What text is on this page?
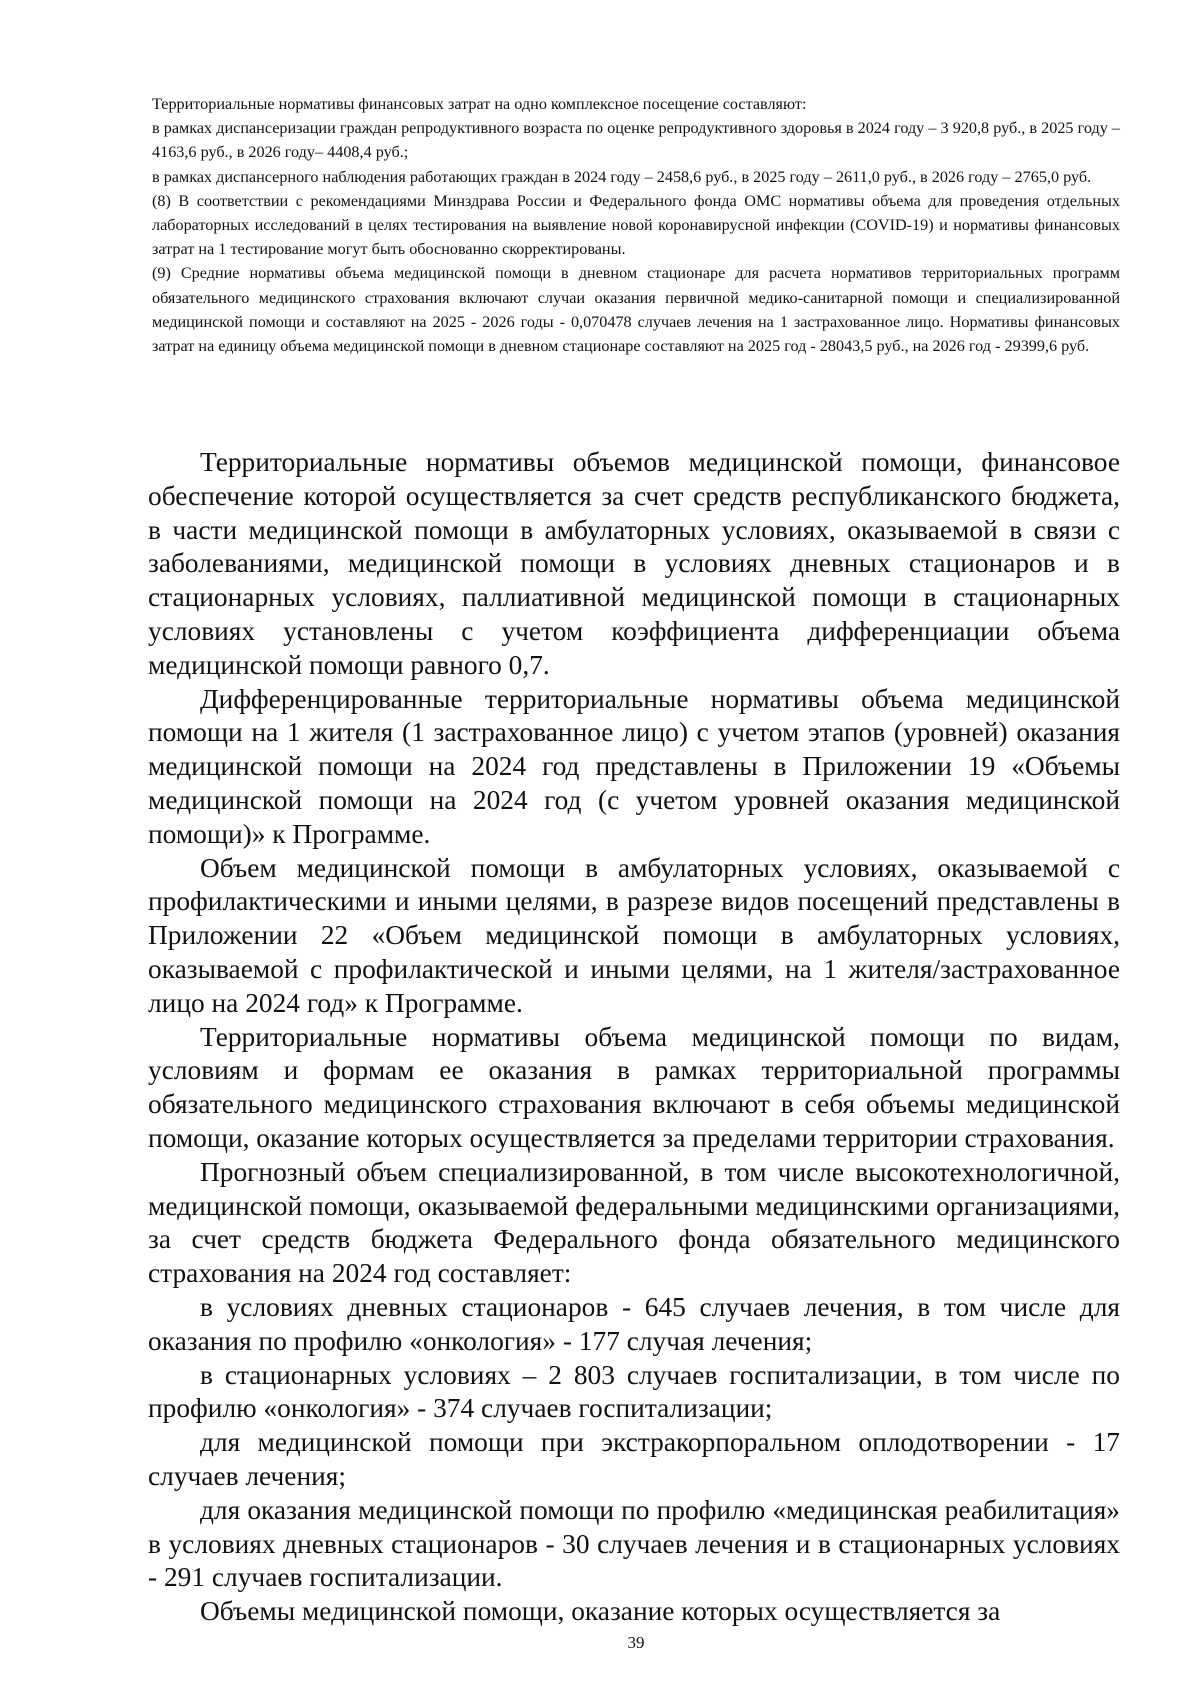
Территориальные нормативы финансовых затрат на одно комплексное посещение составляют:

в рамках диспансеризации граждан репродуктивного возраста по оценке репродуктивного здоровья в 2024 году – 3 920,8 руб., в 2025 году – 4163,6 руб., в 2026 году– 4408,4 руб.;

в рамках диспансерного наблюдения работающих граждан в 2024 году – 2458,6 руб., в 2025 году – 2611,0 руб., в 2026 году – 2765,0 руб.

(8) В соответствии с рекомендациями Минздрава России и Федерального фонда ОМС нормативы объема для проведения отдельных лабораторных исследований в целях тестирования на выявление новой коронавирусной инфекции (COVID-19) и нормативы финансовых затрат на 1 тестирование могут быть обоснованно скорректированы.

(9) Средние нормативы объема медицинской помощи в дневном стационаре для расчета нормативов территориальных программ обязательного медицинского страхования включают случаи оказания первичной медико-санитарной помощи и специализированной медицинской помощи и составляют на 2025 - 2026 годы - 0,070478 случаев лечения на 1 застрахованное лицо. Нормативы финансовых затрат на единицу объема медицинской помощи в дневном стационаре составляют на 2025 год - 28043,5 руб., на 2026 год - 29399,6 руб.

Территориальные нормативы объемов медицинской помощи, финансовое обеспечение которой осуществляется за счет средств республиканского бюджета, в части медицинской помощи в амбулаторных условиях, оказываемой в связи с заболеваниями, медицинской помощи в условиях дневных стационаров и в стационарных условиях, паллиативной медицинской помощи в стационарных условиях установлены с учетом коэффициента дифференциации объема медицинской помощи равного 0,7.

Дифференцированные территориальные нормативы объема медицинской помощи на 1 жителя (1 застрахованное лицо) с учетом этапов (уровней) оказания медицинской помощи на 2024 год представлены в Приложении 19 «Объемы медицинской помощи на 2024 год (с учетом уровней оказания медицинской помощи)» к Программе.

Объем медицинской помощи в амбулаторных условиях, оказываемой с профилактическими и иными целями, в разрезе видов посещений представлены в Приложении 22 «Объем медицинской помощи в амбулаторных условиях, оказываемой с профилактической и иными целями, на 1 жителя/застрахованное лицо на 2024 год» к Программе.

Территориальные нормативы объема медицинской помощи по видам, условиям и формам ее оказания в рамках территориальной программы обязательного медицинского страхования включают в себя объемы медицинской помощи, оказание которых осуществляется за пределами территории страхования.

Прогнозный объем специализированной, в том числе высокотехнологичной, медицинской помощи, оказываемой федеральными медицинскими организациями, за счет средств бюджета Федерального фонда обязательного медицинского страхования на 2024 год составляет:

в условиях дневных стационаров - 645 случаев лечения, в том числе для оказания по профилю «онкология» - 177 случая лечения;

в стационарных условиях – 2 803 случаев госпитализации, в том числе по профилю «онкология» - 374 случаев госпитализации;

для медицинской помощи при экстракорпоральном оплодотворении - 17 случаев лечения;

для оказания медицинской помощи по профилю «медицинская реабилитация» в условиях дневных стационаров - 30 случаев лечения и в стационарных условиях - 291 случаев госпитализации.

Объемы медицинской помощи, оказание которых осуществляется за

39
